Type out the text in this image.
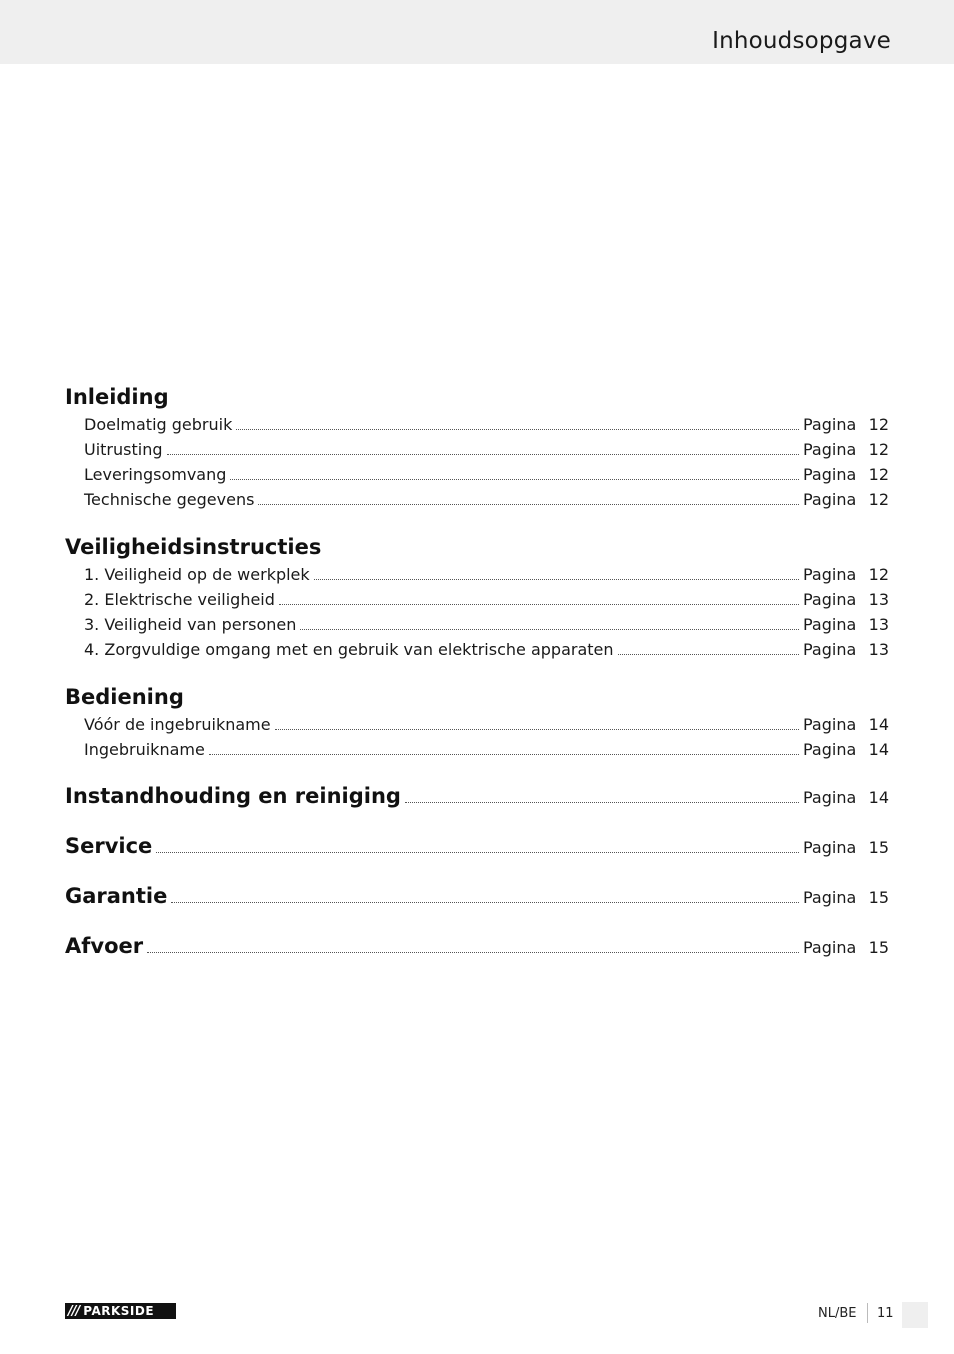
Inhoudsopgave
Inleiding
Doelmatig gebruik	Pagina 12
Uitrusting	Pagina 12
Leveringsomvang	Pagina 12
Technische gegevens	Pagina 12
Veiligheidsinstructies
1. Veiligheid op de werkplek	Pagina 12
2. Elektrische veiligheid	Pagina 13
3. Veiligheid van personen	Pagina 13
4. Zorgvuldige omgang met en gebruik van elektrische apparaten	Pagina 13
Bediening
Vóór de ingebruikname	Pagina 14
Ingebruikname	Pagina 14
Instandhouding en reiniging	Pagina 14
Service	Pagina 15
Garantie	Pagina 15
Afvoer	Pagina 15
/// PARKSIDE	NL/BE 11
